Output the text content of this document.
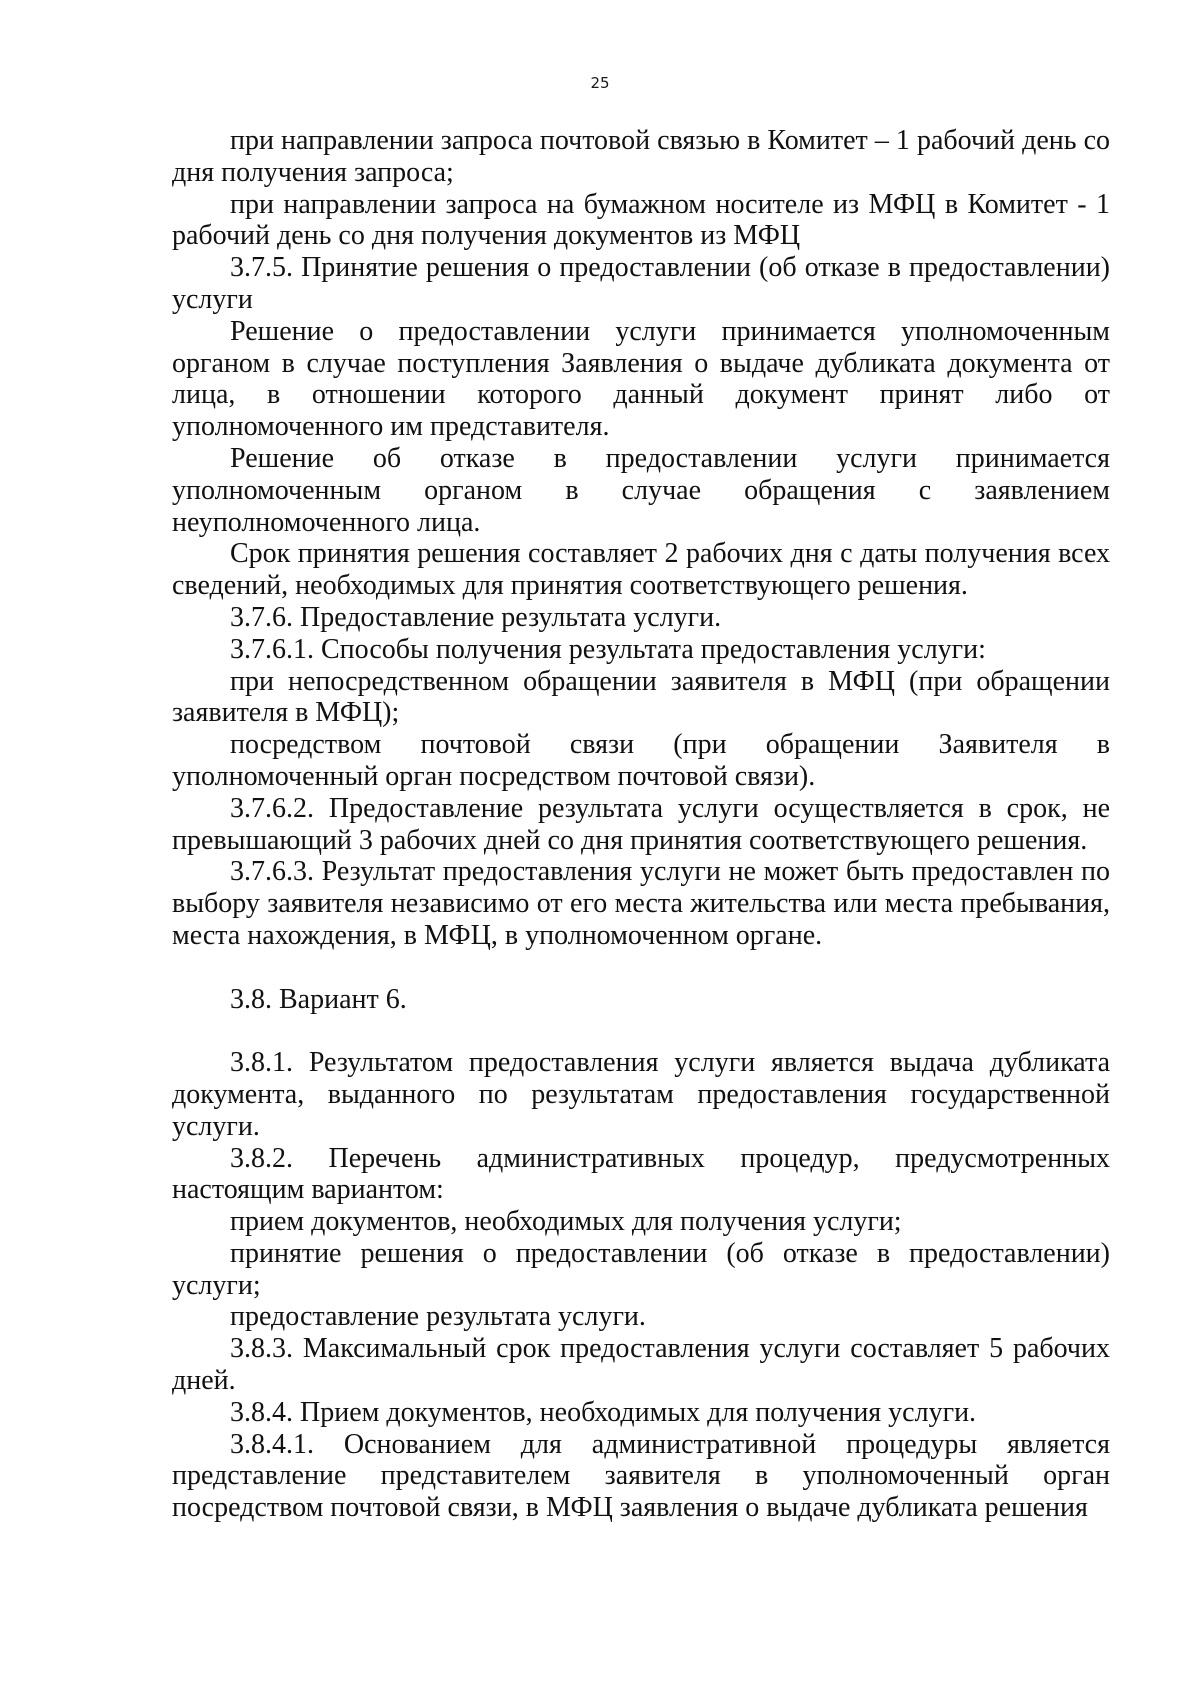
25

при направлении запроса почтовой связью в Комитет – 1 рабочий день со дня получения запроса;

при направлении запроса на бумажном носителе из МФЦ в Комитет - 1 рабочий день со дня получения документов из МФЦ

3.7.5. Принятие решения о предоставлении (об отказе в предоставлении) услуги

Решение о предоставлении услуги принимается уполномоченным органом в случае поступления Заявления о выдаче дубликата документа от лица, в отношении которого данный документ принят либо от уполномоченного им представителя.

Решение об отказе в предоставлении услуги принимается уполномоченным органом в случае обращения с заявлением неуполномоченного лица.

Срок принятия решения составляет 2 рабочих дня с даты получения всех сведений, необходимых для принятия соответствующего решения.

3.7.6. Предоставление результата услуги.

3.7.6.1. Способы получения результата предоставления услуги:

при непосредственном обращении заявителя в МФЦ (при обращении заявителя в МФЦ);

посредством почтовой связи (при обращении Заявителя в уполномоченный орган посредством почтовой связи).

3.7.6.2. Предоставление результата услуги осуществляется в срок, не превышающий 3 рабочих дней со дня принятия соответствующего решения.

3.7.6.3. Результат предоставления услуги не может быть предоставлен по выбору заявителя независимо от его места жительства или места пребывания, места нахождения, в МФЦ, в уполномоченном органе.

3.8. Вариант 6.

3.8.1. Результатом предоставления услуги является выдача дубликата документа, выданного по результатам предоставления государственной услуги.

3.8.2. Перечень административных процедур, предусмотренных настоящим вариантом:

прием документов, необходимых для получения услуги;

принятие решения о предоставлении (об отказе в предоставлении) услуги;

предоставление результата услуги.

3.8.3. Максимальный срок предоставления услуги составляет 5 рабочих дней.

3.8.4. Прием документов, необходимых для получения услуги.

3.8.4.1. Основанием для административной процедуры является представление представителем заявителя в уполномоченный орган посредством почтовой связи, в МФЦ заявления о выдаче дубликата решения
